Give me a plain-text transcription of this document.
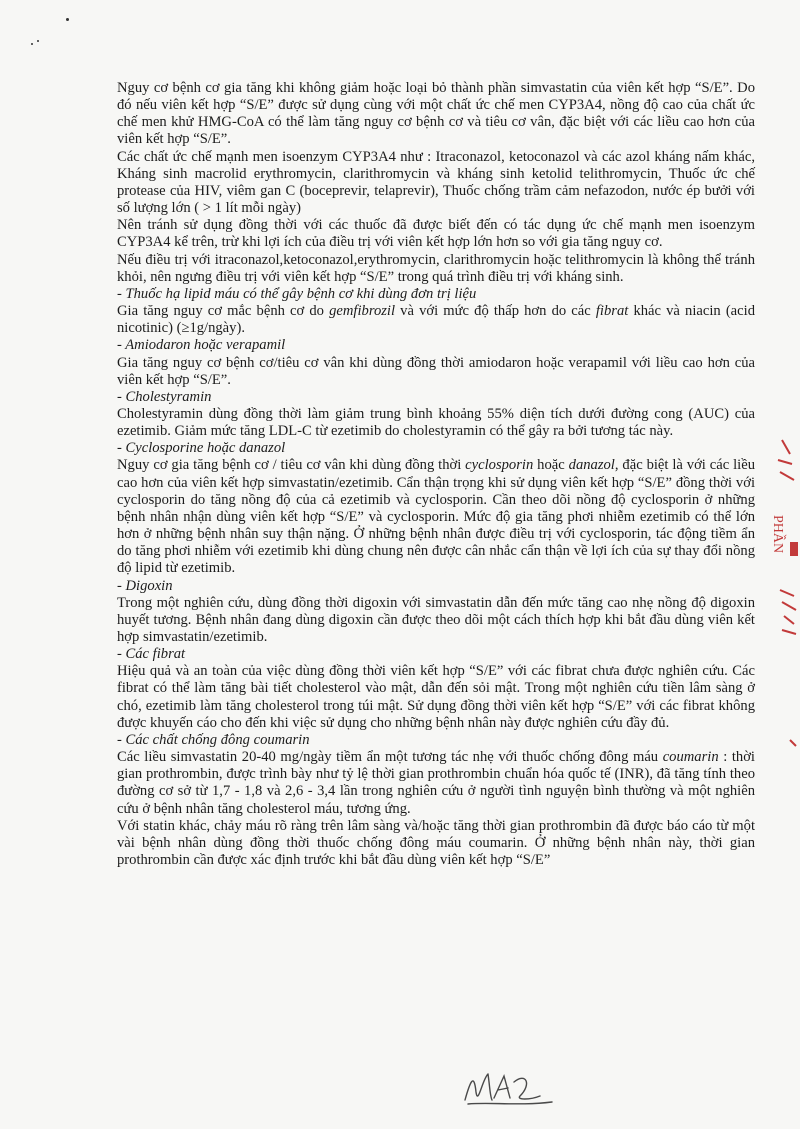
Nguy cơ bệnh cơ gia tăng khi không giảm hoặc loại bỏ thành phần simvastatin của viên kết hợp “S/E”. Do đó nếu viên kết hợp “S/E” được sử dụng cùng với một chất ức chế men CYP3A4, nồng độ cao của chất ức chế men khử HMG-CoA có thể làm tăng nguy cơ bệnh cơ và tiêu cơ vân, đặc biệt với các liều cao hơn của viên kết hợp “S/E”.

Các chất ức chế mạnh men isoenzym CYP3A4 như : Itraconazol, ketoconazol và các azol kháng nấm khác, Kháng sinh macrolid erythromycin, clarithromycin và kháng sinh ketolid telithromycin, Thuốc ức chế protease của HIV, viêm gan C (boceprevir, telaprevir), Thuốc chống trầm cảm nefazodon, nước ép bưởi với số lượng lớn ( > 1 lít mỗi ngày)

Nên tránh sử dụng đồng thời với các thuốc đã được biết đến có tác dụng ức chế mạnh men isoenzym CYP3A4 kể trên, trừ khi lợi ích của điều trị với viên kết hợp lớn hơn so với gia tăng nguy cơ.

Nếu điều trị với itraconazol,ketoconazol,erythromycin, clarithromycin hoặc telithromycin là không thể tránh khỏi, nên ngưng điều trị với viên kết hợp “S/E” trong quá trình điều trị với kháng sinh.

- Thuốc hạ lipid máu có thể gây bệnh cơ khi dùng đơn trị liệu

Gia tăng nguy cơ mắc bệnh cơ do gemfibrozil và với mức độ thấp hơn do các fibrat khác và niacin (acid nicotinic) (≥1g/ngày).

- Amiodaron hoặc verapamil

Gia tăng nguy cơ bệnh cơ/tiêu cơ vân khi dùng đồng thời amiodaron hoặc verapamil với liều cao hơn của viên kết hợp “S/E”.

- Cholestyramin

Cholestyramin dùng đồng thời làm giảm trung bình khoảng 55% diện tích dưới đường cong (AUC) của ezetimib. Giảm mức tăng LDL-C từ ezetimib do cholestyramin có thể gây ra bởi tương tác này.

- Cyclosporine hoặc danazol

Nguy cơ gia tăng bệnh cơ / tiêu cơ vân khi dùng đồng thời cyclosporin hoặc danazol, đặc biệt là với các liều cao hơn của viên kết hợp simvastatin/ezetimib. Cẩn thận trọng khi sử dụng viên kết hợp “S/E” đồng thời với cyclosporin do tăng nồng độ của cả ezetimib và cyclosporin. Cần theo dõi nồng độ cyclosporin ở những bệnh nhân nhận dùng viên kết hợp “S/E” và cyclosporin. Mức độ gia tăng phơi nhiễm ezetimib có thể lớn hơn ở những bệnh nhân suy thận nặng. Ở những bệnh nhân được điều trị với cyclosporin, tác động tiềm ẩn do tăng phơi nhiễm với ezetimib khi dùng chung nên được cân nhắc cẩn thận về lợi ích của sự thay đổi nồng độ lipid từ ezetimib.

- Digoxin

Trong một nghiên cứu, dùng đồng thời digoxin với simvastatin dẫn đến mức tăng cao nhẹ nồng độ digoxin huyết tương. Bệnh nhân đang dùng digoxin cần được theo dõi một cách thích hợp khi bắt đầu dùng viên kết hợp simvastatin/ezetimib.

- Các fibrat

Hiệu quả và an toàn của việc dùng đồng thời viên kết hợp “S/E” với các fibrat chưa được nghiên cứu. Các fibrat có thể làm tăng bài tiết cholesterol vào mật, dẫn đến sỏi mật. Trong một nghiên cứu tiền lâm sàng ở chó, ezetimib làm tăng cholesterol trong túi mật. Sử dụng đồng thời viên kết hợp “S/E” với các fibrat không được khuyến cáo cho đến khi việc sử dụng cho những bệnh nhân này được nghiên cứu đầy đủ.

- Các chất chống đông coumarin

Các liều simvastatin 20-40 mg/ngày tiềm ẩn một tương tác nhẹ với thuốc chống đông máu coumarin : thời gian prothrombin, được trình bày như tỷ lệ thời gian prothrombin chuẩn hóa quốc tế (INR), đã tăng tính theo đường cơ sở từ 1,7 - 1,8 và 2,6 - 3,4 lần trong nghiên cứu ở người tình nguyện bình thường và một nghiên cứu ở bệnh nhân tăng cholesterol máu, tương ứng.

Với statin khác, chảy máu rõ ràng trên lâm sàng và/hoặc tăng thời gian prothrombin đã được báo cáo từ một vài bệnh nhân dùng đồng thời thuốc chống đông máu coumarin. Ở những bệnh nhân này, thời gian prothrombin cần được xác định trước khi bắt đầu dùng viên kết hợp “S/E”

PHẦN
